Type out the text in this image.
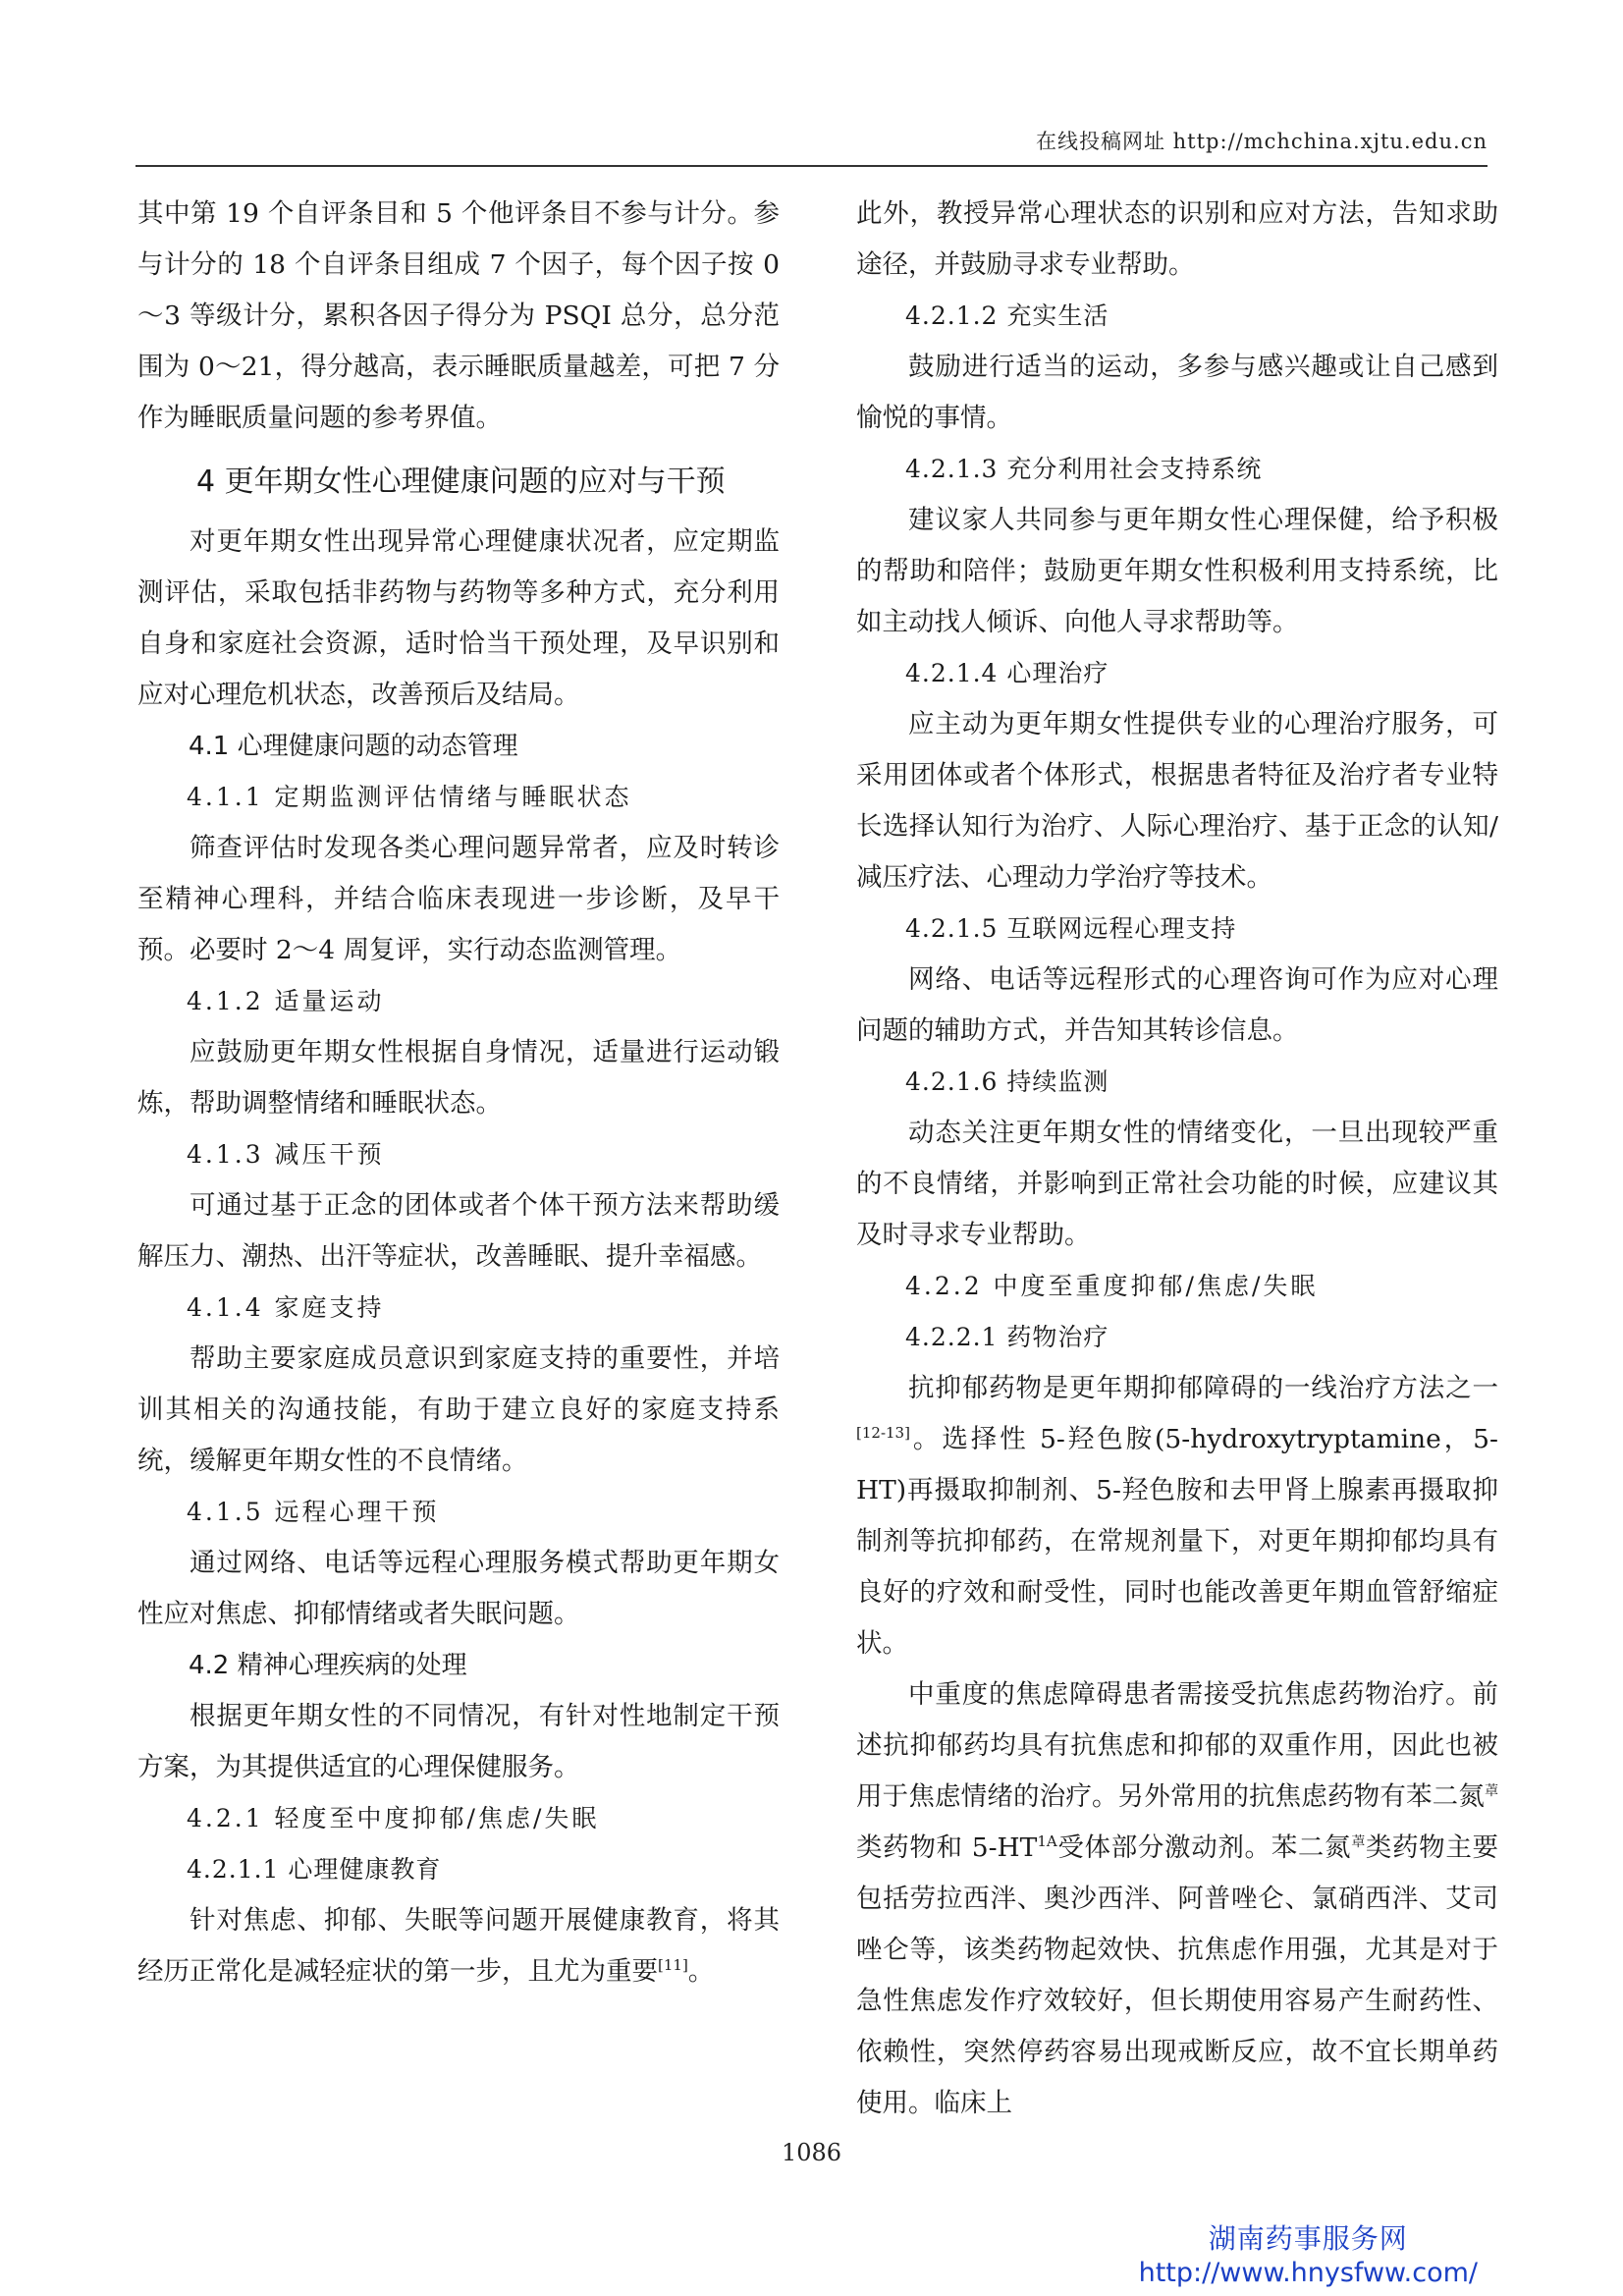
在线投稿网址 http://mchchina.xjtu.edu.cn

其中第 19 个自评条目和 5 个他评条目不参与计分。参与计分的 18 个自评条目组成 7 个因子，每个因子按 0～3 等级计分，累积各因子得分为 PSQI 总分，总分范围为 0～21，得分越高，表示睡眠质量越差，可把 7 分作为睡眠质量问题的参考界值。

4 更年期女性心理健康问题的应对与干预

对更年期女性出现异常心理健康状况者，应定期监测评估，采取包括非药物与药物等多种方式，充分利用自身和家庭社会资源，适时恰当干预处理，及早识别和应对心理危机状态，改善预后及结局。

4.1 心理健康问题的动态管理

4.1.1 定期监测评估情绪与睡眠状态

筛查评估时发现各类心理问题异常者，应及时转诊至精神心理科，并结合临床表现进一步诊断，及早干预。必要时 2～4 周复评，实行动态监测管理。

4.1.2 适量运动

应鼓励更年期女性根据自身情况，适量进行运动锻炼，帮助调整情绪和睡眠状态。

4.1.3 减压干预

可通过基于正念的团体或者个体干预方法来帮助缓解压力、潮热、出汗等症状，改善睡眠、提升幸福感。

4.1.4 家庭支持

帮助主要家庭成员意识到家庭支持的重要性，并培训其相关的沟通技能，有助于建立良好的家庭支持系统，缓解更年期女性的不良情绪。

4.1.5 远程心理干预

通过网络、电话等远程心理服务模式帮助更年期女性应对焦虑、抑郁情绪或者失眠问题。

4.2 精神心理疾病的处理

根据更年期女性的不同情况，有针对性地制定干预方案，为其提供适宜的心理保健服务。

4.2.1 轻度至中度抑郁/焦虑/失眠

4.2.1.1 心理健康教育

针对焦虑、抑郁、失眠等问题开展健康教育，将其经历正常化是减轻症状的第一步，且尤为重要[11]。

此外，教授异常心理状态的识别和应对方法，告知求助途径，并鼓励寻求专业帮助。

4.2.1.2 充实生活

鼓励进行适当的运动，多参与感兴趣或让自己感到愉悦的事情。

4.2.1.3 充分利用社会支持系统

建议家人共同参与更年期女性心理保健，给予积极的帮助和陪伴；鼓励更年期女性积极利用支持系统，比如主动找人倾诉、向他人寻求帮助等。

4.2.1.4 心理治疗

应主动为更年期女性提供专业的心理治疗服务，可采用团体或者个体形式，根据患者特征及治疗者专业特长选择认知行为治疗、人际心理治疗、基于正念的认知/减压疗法、心理动力学治疗等技术。

4.2.1.5 互联网远程心理支持

网络、电话等远程形式的心理咨询可作为应对心理问题的辅助方式，并告知其转诊信息。

4.2.1.6 持续监测

动态关注更年期女性的情绪变化，一旦出现较严重的不良情绪，并影响到正常社会功能的时候，应建议其及时寻求专业帮助。

4.2.2 中度至重度抑郁/焦虑/失眠

4.2.2.1 药物治疗

抗抑郁药物是更年期抑郁障碍的一线治疗方法之一[12-13]。选择性 5-羟色胺(5-hydroxytryptamine，5-HT)再摄取抑制剂、5-羟色胺和去甲肾上腺素再摄取抑制剂等抗抑郁药，在常规剂量下，对更年期抑郁均具有良好的疗效和耐受性，同时也能改善更年期血管舒缩症状。

中重度的焦虑障碍患者需接受抗焦虑药物治疗。前述抗抑郁药均具有抗焦虑和抑郁的双重作用，因此也被用于焦虑情绪的治疗。另外常用的抗焦虑药物有苯二氮$^䓬$类药物和 $5-HT^{1A}$受体部分激动剂。苯二氮$^䓬$类药物主要包括劳拉西泮、奥沙西泮、阿普唑仑、氯硝西泮、艾司唑仑等，该类药物起效快、抗焦虑作用强，尤其是对于急性焦虑发作疗效较好，但长期使用容易产生耐药性、依赖性，突然停药容易出现戒断反应，故不宜长期单药使用。临床上

1086
湖南药事服务网
http://www.hnysfww.com/
